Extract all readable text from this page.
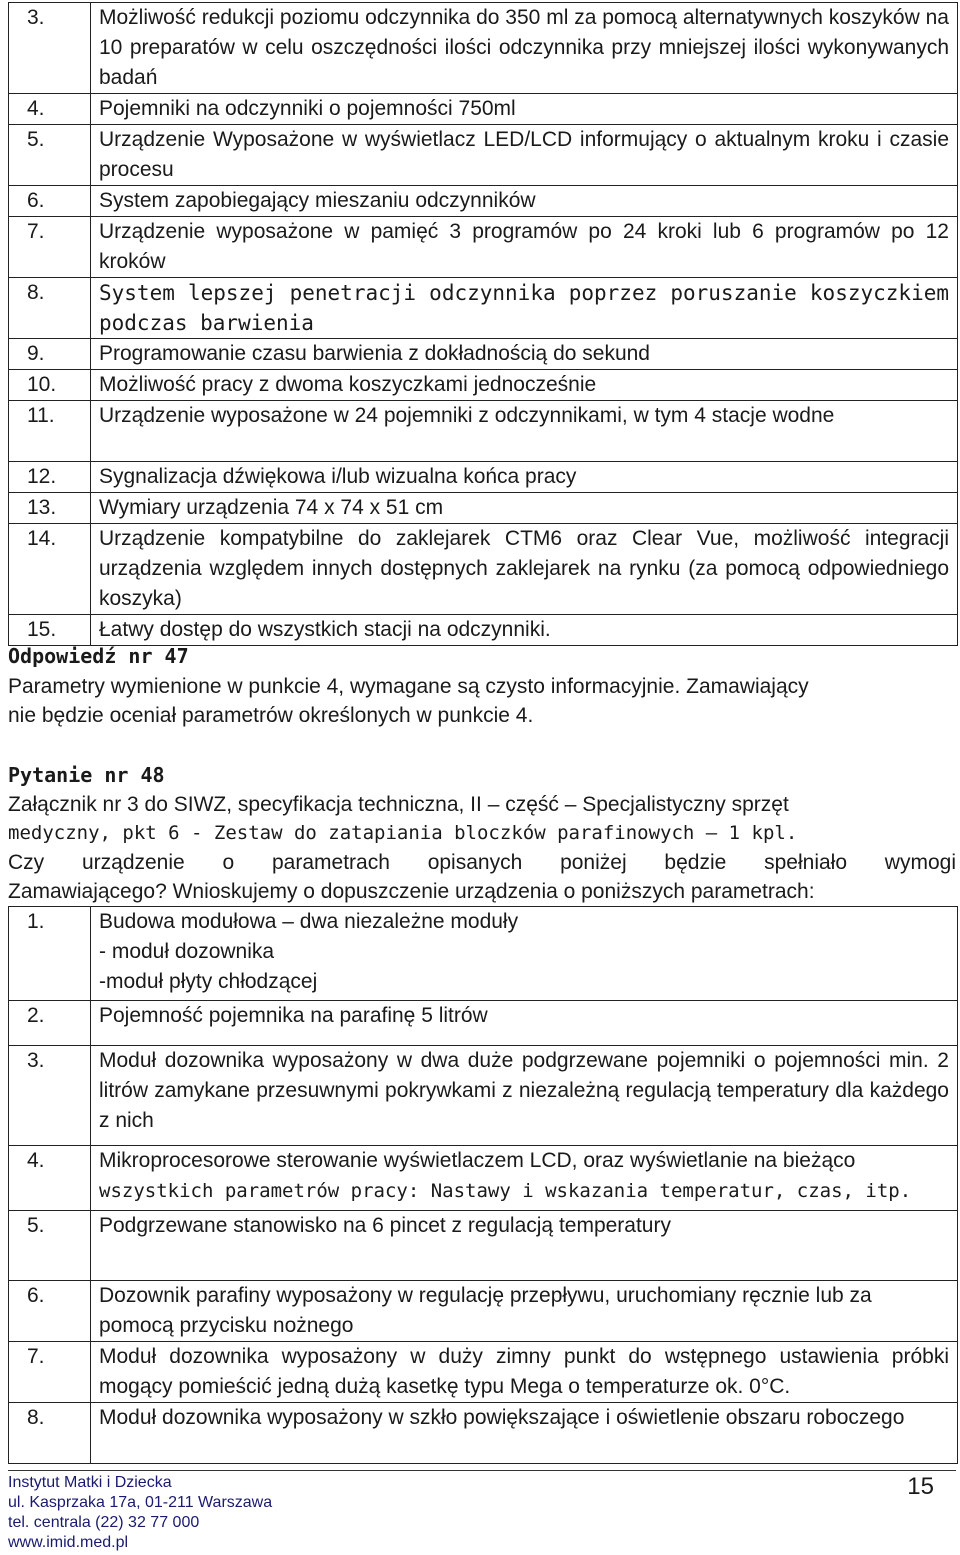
3.	Możliwość redukcji poziomu odczynnika do 350 ml za pomocą alternatywnych koszyków na 10 preparatów w celu oszczędności ilości odczynnika przy mniejszej ilości wykonywanych badań
4.	Pojemniki na odczynniki o pojemności 750ml
5.	Urządzenie Wyposażone w wyświetlacz LED/LCD informujący o aktualnym kroku i czasie procesu
6.	System zapobiegający mieszaniu odczynników
7.	Urządzenie wyposażone w pamięć 3 programów po 24 kroki lub 6 programów po 12 kroków
8.	System lepszej penetracji odczynnika poprzez poruszanie koszyczkiem podczas barwienia
9.	Programowanie czasu barwienia z dokładnością do sekund
10.	Możliwość pracy z dwoma koszyczkami jednocześnie
11.	Urządzenie wyposażone w 24 pojemniki z odczynnikami, w tym 4 stacje wodne
12.	Sygnalizacja dźwiękowa i/lub wizualna końca pracy
13.	Wymiary urządzenia 74 x 74 x 51 cm
14.	Urządzenie kompatybilne do zaklejarek CTM6 oraz Clear Vue, możliwość integracji urządzenia względem innych dostępnych zaklejarek na rynku (za pomocą odpowiedniego koszyka)
15.	Łatwy dostęp do wszystkich stacji na odczynniki.
Odpowiedź nr 47
Parametry wymienione w punkcie 4, wymagane są czysto informacyjnie. Zamawiający
nie będzie oceniał parametrów określonych w punkcie 4.
Pytanie nr 48
Załącznik nr 3 do SIWZ, specyfikacja techniczna, II – część – Specjalistyczny sprzęt
medyczny, pkt 6 - Zestaw do zatapiania bloczków parafinowych – 1 kpl.
Czy urządzenie o parametrach opisanych poniżej będzie spełniało wymogi
Zamawiającego? Wnioskujemy o dopuszczenie urządzenia o poniższych parametrach:
1.	Budowa modułowa – dwa niezależne moduły
- moduł dozownika
-moduł płyty chłodzącej
2.	Pojemność pojemnika na parafinę 5 litrów
3.	Moduł dozownika wyposażony w dwa duże podgrzewane pojemniki o pojemności min. 2 litrów zamykane przesuwnymi pokrywkami z niezależną regulacją temperatury dla każdego z nich
4.	Mikroprocesorowe sterowanie wyświetlaczem LCD, oraz wyświetlanie na bieżąco
wszystkich parametrów pracy: Nastawy i wskazania temperatur, czas, itp.

5.	Podgrzewane stanowisko na 6 pincet z regulacją temperatury
6.	Dozownik parafiny wyposażony w regulację przepływu, uruchomiany ręcznie lub za pomocą przycisku nożnego
7.	Moduł dozownika wyposażony w duży zimny punkt do wstępnego ustawienia próbki mogący pomieścić jedną dużą kasetkę typu Mega o temperaturze ok. 0°C.
8.	Moduł dozownika wyposażony w szkło powiększające i oświetlenie obszaru roboczego
Instytut Matki i Dziecka
ul. Kasprzaka 17a, 01-211 Warszawa
tel. centrala (22) 32 77 000
www.imid.med.pl
15
